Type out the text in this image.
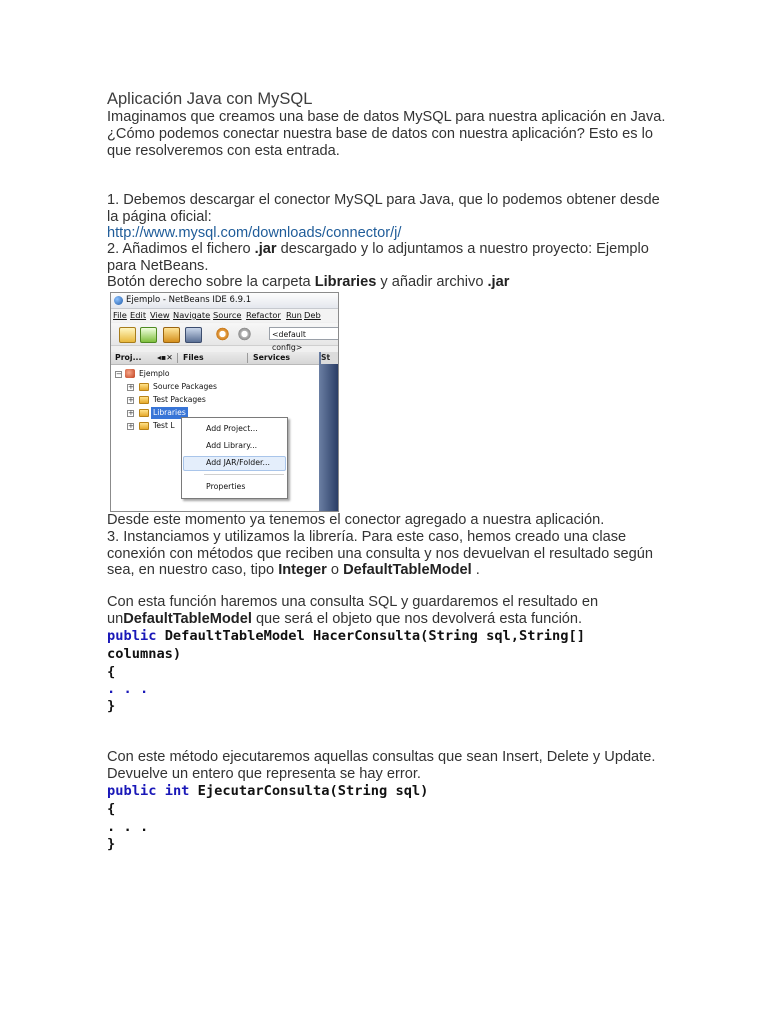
Aplicación Java con MySQL
Imaginamos que creamos una base de datos MySQL para nuestra aplicación en Java.
¿Cómo podemos conectar nuestra base de datos con nuestra aplicación? Esto es lo
que resolveremos con esta entrada.
1. Debemos descargar el conector MySQL para Java, que lo podemos obtener desde
la página oficial:
http://www.mysql.com/downloads/connector/j/
2. Añadimos el fichero .jar descargado y lo adjuntamos a nuestro proyecto: Ejemplo
para NetBeans.
Botón derecho sobre la carpeta Libraries y añadir archivo .jar
Ejemplo - NetBeans IDE 6.9.1
File Edit View Navigate Source Refactor Run Deb
<default config>
Proj... ◂▪✕ Files	Services
− Ejemplo
+	Source Packages
+	Test Packages
+	Libraries
+	Test L
St
Add Project...
Add Library...
Add JAR/Folder...
Properties
Desde este momento ya tenemos el conector agregado a nuestra aplicación.
3. Instanciamos y utilizamos la librería. Para este caso, hemos creado una clase
conexión con métodos que reciben una consulta y nos devuelvan el resultado según
sea, en nuestro caso, tipo Integer o DefaultTableModel .
Con esta función haremos una consulta SQL y guardaremos el resultado en
unDefaultTableModel que será el objeto que nos devolverá esta función.
public DefaultTableModel HacerConsulta(String sql,String[]
columnas)
{
. . .
}
Con este método ejecutaremos aquellas consultas que sean Insert, Delete y Update.
Devuelve un entero que representa se hay error.
public int EjecutarConsulta(String sql)
{
. . .
}
